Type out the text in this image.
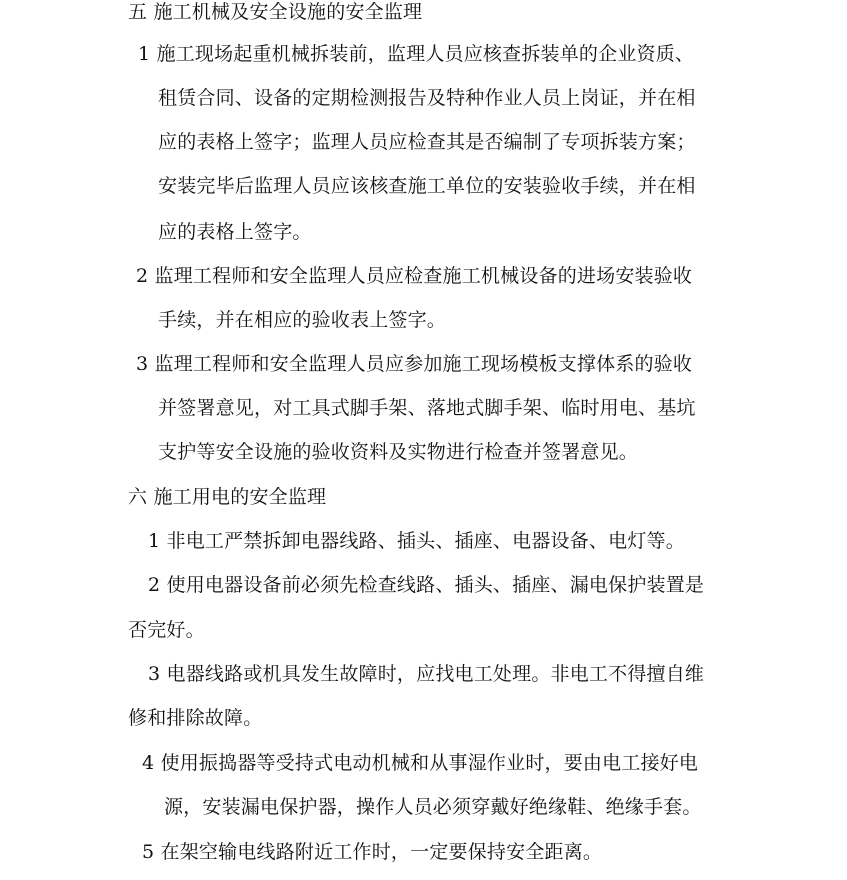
五 施工机械及安全设施的安全监理
1 施工现场起重机械拆装前，监理人员应核查拆装单的企业资质、
租赁合同、设备的定期检测报告及特种作业人员上岗证，并在相
应的表格上签字；监理人员应检查其是否编制了专项拆装方案；
安装完毕后监理人员应该核查施工单位的安装验收手续，并在相
应的表格上签字。
2 监理工程师和安全监理人员应检查施工机械设备的进场安装验收
手续，并在相应的验收表上签字。
3 监理工程师和安全监理人员应参加施工现场模板支撑体系的验收
并签署意见，对工具式脚手架、落地式脚手架、临时用电、基坑
支护等安全设施的验收资料及实物进行检查并签署意见。
六 施工用电的安全监理
1 非电工严禁拆卸电器线路、插头、插座、电器设备、电灯等。
2 使用电器设备前必须先检查线路、插头、插座、漏电保护装置是
否完好。
3 电器线路或机具发生故障时，应找电工处理。非电工不得擅自维
修和排除故障。
4 使用振捣器等受持式电动机械和从事湿作业时，要由电工接好电
源，安装漏电保护器，操作人员必须穿戴好绝缘鞋、绝缘手套。
5 在架空输电线路附近工作时，一定要保持安全距离。
